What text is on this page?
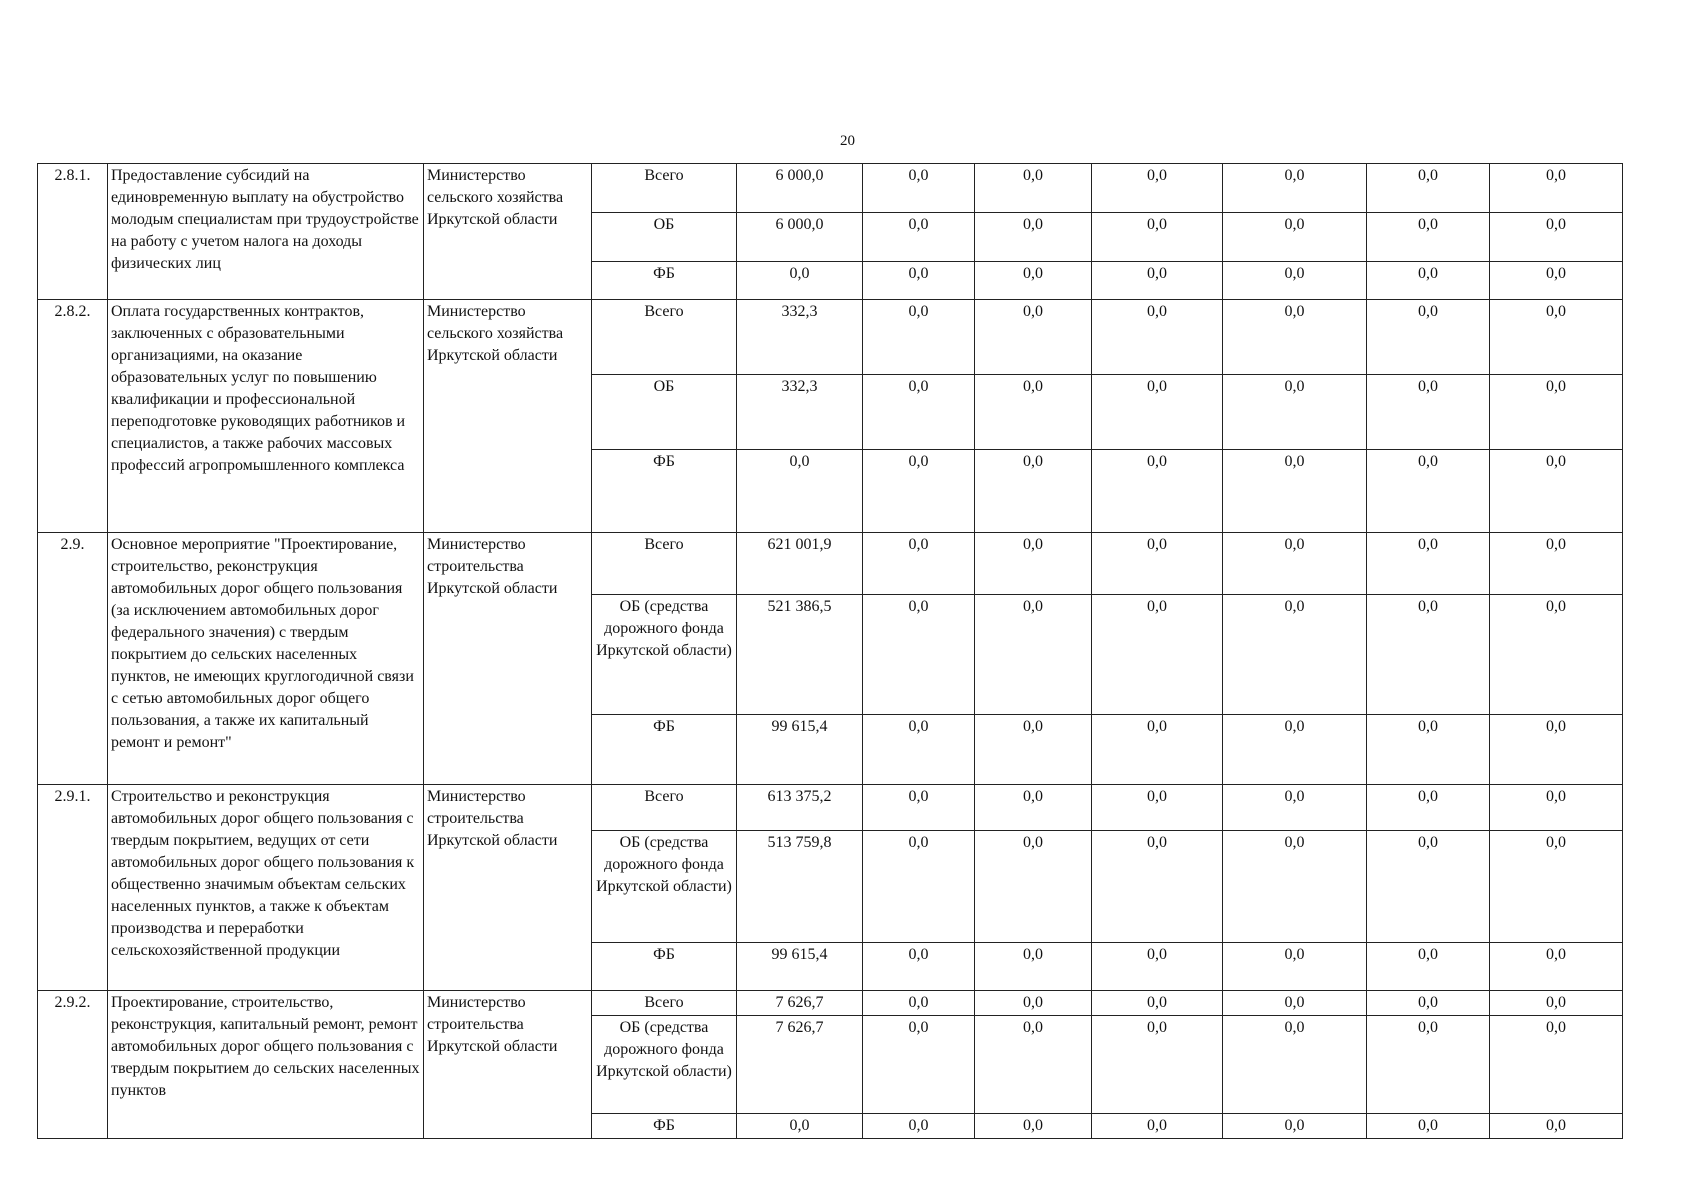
20
2.8.1.	Предоставление субсидий на единовременную выплату на обустройство молодым специалистам при трудоустройстве на работу с учетом налога на доходы физических лиц	Министерство сельского хозяйства Иркутской области	Всего	6 000,0	0,0	0,0	0,0	0,0	0,0	0,0
			ОБ	6 000,0	0,0	0,0	0,0	0,0	0,0	0,0
			ФБ	0,0	0,0	0,0	0,0	0,0	0,0	0,0
2.8.2.	Оплата государственных контрактов, заключенных с образовательными организациями, на оказание образовательных услуг по повышению квалификации и профессиональной переподготовке руководящих работников и специалистов, а также рабочих массовых профессий агропромышленного комплекса	Министерство сельского хозяйства Иркутской области	Всего	332,3	0,0	0,0	0,0	0,0	0,0	0,0
			ОБ	332,3	0,0	0,0	0,0	0,0	0,0	0,0
			ФБ	0,0	0,0	0,0	0,0	0,0	0,0	0,0
2.9.	Основное мероприятие "Проектирование, строительство, реконструкция автомобильных дорог общего пользования (за исключением автомобильных дорог федерального значения) с твердым покрытием до сельских населенных пунктов, не имеющих круглогодичной связи с сетью автомобильных дорог общего пользования, а также их капитальный ремонт и ремонт"	Министерство строительства Иркутской области	Всего	621 001,9	0,0	0,0	0,0	0,0	0,0	0,0
			ОБ (средства дорожного фонда Иркутской области)	521 386,5	0,0	0,0	0,0	0,0	0,0	0,0
			ФБ	99 615,4	0,0	0,0	0,0	0,0	0,0	0,0
2.9.1.	Строительство и реконструкция автомобильных дорог общего пользования с твердым покрытием, ведущих от сети автомобильных дорог общего пользования к общественно значимым объектам сельских населенных пунктов, а также к объектам производства и переработки сельскохозяйственной продукции	Министерство строительства Иркутской области	Всего	613 375,2	0,0	0,0	0,0	0,0	0,0	0,0
			ОБ (средства дорожного фонда Иркутской области)	513 759,8	0,0	0,0	0,0	0,0	0,0	0,0
			ФБ	99 615,4	0,0	0,0	0,0	0,0	0,0	0,0
2.9.2.	Проектирование, строительство, реконструкция, капитальный ремонт, ремонт автомобильных дорог общего пользования с твердым покрытием до сельских населенных пунктов	Министерство строительства Иркутской области	Всего	7 626,7	0,0	0,0	0,0	0,0	0,0	0,0
			ОБ (средства дорожного фонда Иркутской области)	7 626,7	0,0	0,0	0,0	0,0	0,0	0,0
			ФБ	0,0	0,0	0,0	0,0	0,0	0,0	0,0
